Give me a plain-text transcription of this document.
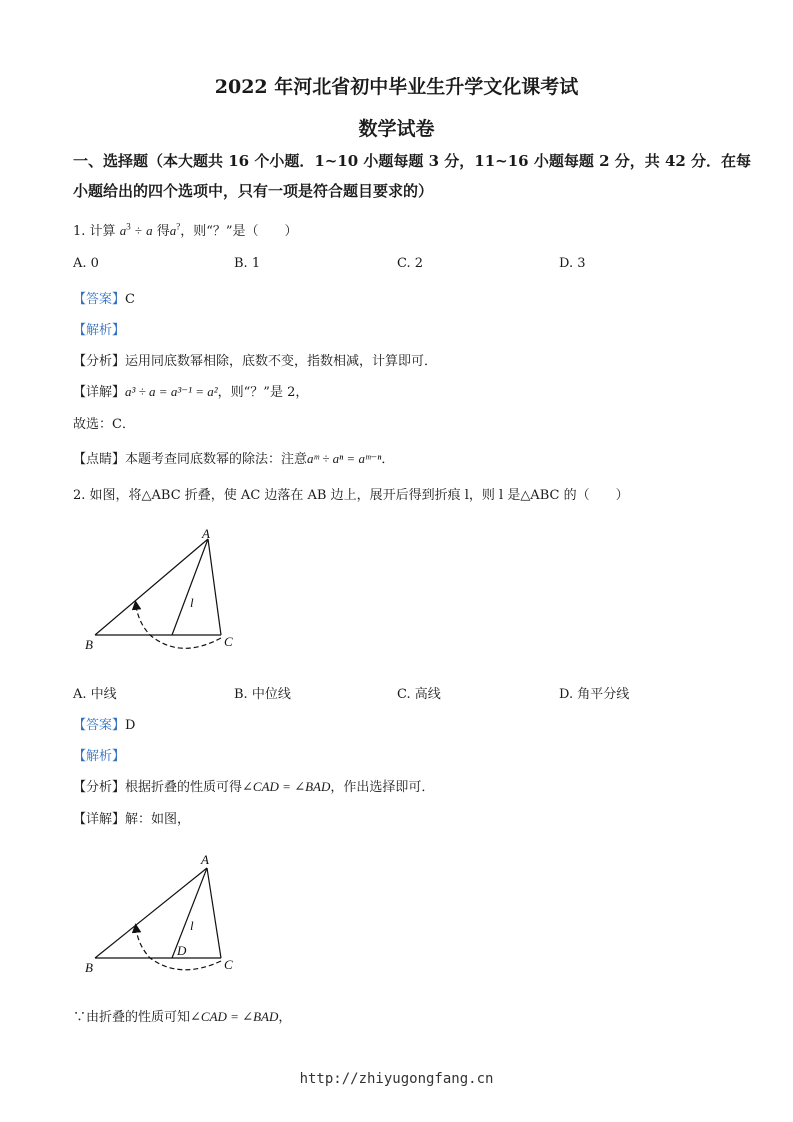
2022 年河北省初中毕业生升学文化课考试
数学试卷
一、选择题（本大题共 16 个小题．1~10 小题每题 3 分，11~16 小题每题 2 分，共 42 分．在每
小题给出的四个选项中，只有一项是符合题目要求的）
1. 计算 $a^3 \div a$ 得a?，则“？”是（　　）
A. 0	B. 1	C. 2	D. 3
【答案】C
【解析】
【分析】运用同底数幂相除，底数不变，指数相减，计算即可．
【详解】a³ ÷ a = a³⁻¹ = a²，则“？”是 2，
故选：C．
【点睛】本题考查同底数幂的除法：注意aᵐ ÷ aⁿ = aᵐ⁻ⁿ．
2. 如图，将△ABC 折叠，使 AC 边落在 AB 边上，展开后得到折痕 l，则 l 是△ABC 的（　　）
A
B	C
l
A. 中线	B. 中位线	C. 高线	D. 角平分线
【答案】D
【解析】
【分析】根据折叠的性质可得∠CAD = ∠BAD，作出选择即可．
【详解】解：如图，
A
B	C
D
l
∵由折叠的性质可知∠CAD = ∠BAD，
http://zhiyugongfang.cn
